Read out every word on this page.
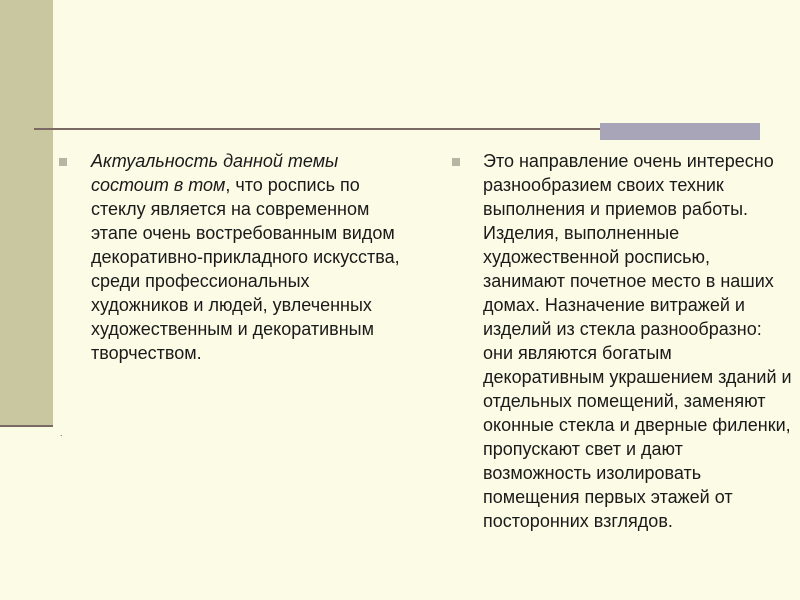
Актуальность данной темы состоит в том, что роспись по стеклу является на современном этапе очень востребованным видом декоративно-прикладного искусства, среди профессиональных художников и людей, увлеченных художественным и декоративным творчеством.
.
Это направление очень интересно разнообразием своих техник выполнения и приемов работы. Изделия, выполненные художественной росписью, занимают почетное место в наших домах. Назначение витражей и изделий из стекла разнообразно: они являются богатым декоративным украшением зданий и отдельных помещений, заменяют оконные стекла и дверные филенки, пропускают свет и дают возможность изолировать помещения первых этажей от посторонних взглядов.
